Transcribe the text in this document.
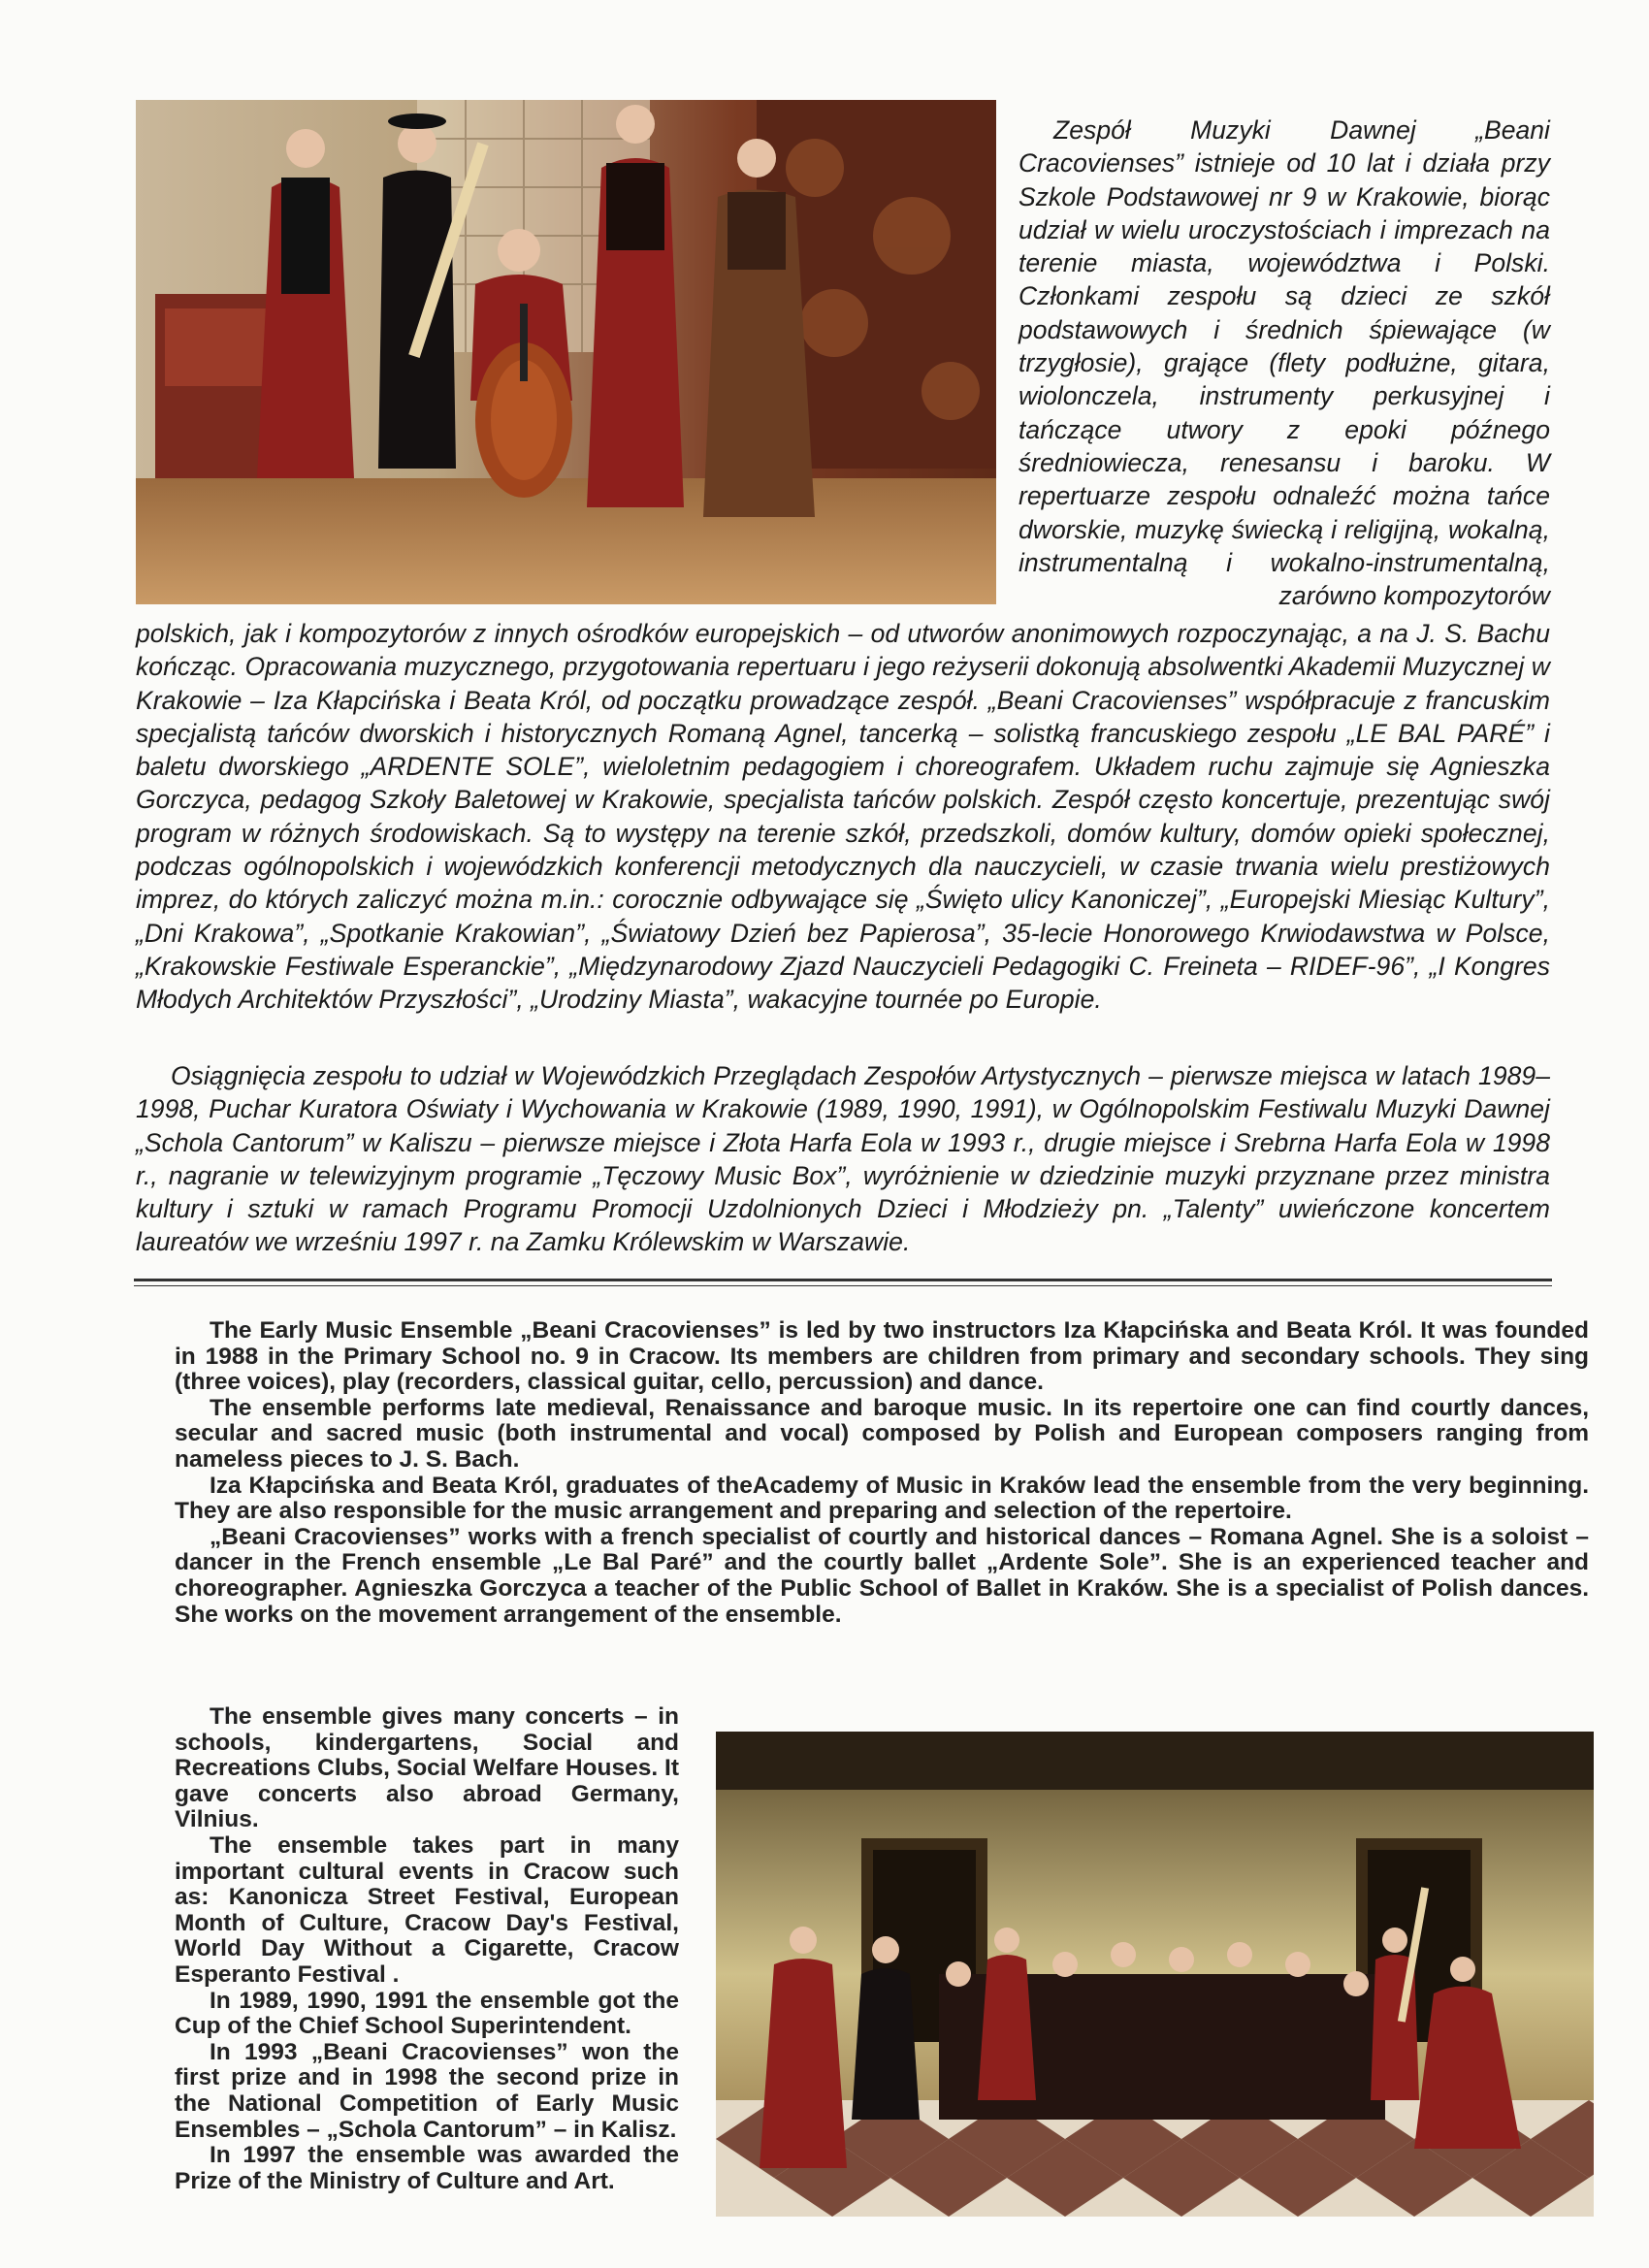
Zespół Muzyki Dawnej „Beani Cracovienses” istnieje od 10 lat i działa przy Szkole Podstawowej nr 9 w Krakowie, biorąc udział w wielu uroczystościach i imprezach na terenie miasta, województwa i Polski. Członkami zespołu są dzieci ze szkół podstawowych i średnich śpiewające (w trzygłosie), grające (flety podłużne, gitara, wiolonczela, instrumenty perkusyjnej i tańczące utwory z epoki późnego średniowiecza, renesansu i baroku. W repertuarze zespołu odnaleźć można tańce dworskie, muzykę świecką i religijną, wokalną, instrumentalną i wokalno-instrumentalną, zarówno kompozytorów

polskich, jak i kompozytorów z innych ośrodków europejskich – od utworów anonimowych rozpoczynając, a na J. S. Bachu kończąc. Opracowania muzycznego, przygotowania repertuaru i jego reżyserii dokonują absolwentki Akademii Muzycznej w Krakowie – Iza Kłapcińska i Beata Król, od początku prowadzące zespół. „Beani Cracovienses” współpracuje z francuskim specjalistą tańców dworskich i historycznych Romaną Agnel, tancerką – solistką francuskiego zespołu „LE BAL PARÉ” i baletu dworskiego „ARDENTE SOLE”, wieloletnim pedagogiem i choreografem. Układem ruchu zajmuje się Agnieszka Gorczyca, pedagog Szkoły Baletowej w Krakowie, specjalista tańców polskich. Zespół często koncertuje, prezentując swój program w różnych środowiskach. Są to występy na terenie szkół, przedszkoli, domów kultury, domów opieki społecznej, podczas ogólnopolskich i wojewódzkich konferencji metodycznych dla nauczycieli, w czasie trwania wielu prestiżowych imprez, do których zaliczyć można m.in.: corocznie odbywające się „Święto ulicy Kanoniczej”, „Europejski Miesiąc Kultury”, „Dni Krakowa”, „Spotkanie Krakowian”, „Światowy Dzień bez Papierosa”, 35-lecie Honorowego Krwiodawstwa w Polsce, „Krakowskie Festiwale Esperanckie”, „Międzynarodowy Zjazd Nauczycieli Pedagogiki C. Freineta – RIDEF-96”, „I Kongres Młodych Architektów Przyszłości”, „Urodziny Miasta”, wakacyjne tournée po Europie.

Osiągnięcia zespołu to udział w Wojewódzkich Przeglądach Zespołów Artystycznych – pierwsze miejsca w latach 1989–1998, Puchar Kuratora Oświaty i Wychowania w Krakowie (1989, 1990, 1991), w Ogólnopolskim Festiwalu Muzyki Dawnej „Schola Cantorum” w Kaliszu – pierwsze miejsce i Złota Harfa Eola w 1993 r., drugie miejsce i Srebrna Harfa Eola w 1998 r., nagranie w telewizyjnym programie „Tęczowy Music Box”, wyróżnienie w dziedzinie muzyki przyznane przez ministra kultury i sztuki w ramach Programu Promocji Uzdolnionych Dzieci i Młodzieży pn. „Talenty” uwieńczone koncertem laureatów we wrześniu 1997 r. na Zamku Królewskim w Warszawie.

The Early Music Ensemble „Beani Cracovienses” is led by two instructors Iza Kłapcińska and Beata Król. It was founded in 1988 in the Primary School no. 9 in Cracow. Its members are children from primary and secondary schools. They sing (three voices), play (recorders, classical guitar, cello, percussion) and dance.

The ensemble performs late medieval, Renaissance and baroque music. In its repertoire one can find courtly dances, secular and sacred music (both instrumental and vocal) composed by Polish and European composers ranging from nameless pieces to J. S. Bach.

Iza Kłapcińska and Beata Król, graduates of theAcademy of Music in Kraków lead the ensemble from the very beginning. They are also responsible for the music arrangement and preparing and selection of the repertoire.

„Beani Cracovienses” works with a french specialist of courtly and historical dances – Romana Agnel. She is a soloist – dancer in the French ensemble „Le Bal Paré” and the courtly ballet „Ardente Sole”. She is an experienced teacher and choreographer. Agnieszka Gorczyca a teacher of the Public School of Ballet in Kraków. She is a specialist of Polish dances. She works on the movement arrangement of the ensemble.

The ensemble gives many concerts – in schools, kindergartens, Social and Recreations Clubs, Social Welfare Houses. It gave concerts also abroad Germany, Vilnius.

The ensemble takes part in many important cultural events in Cracow such as: Kanonicza Street Festival, European Month of Culture, Cracow Day's Festival, World Day Without a Cigarette, Cracow Esperanto Festival .

In 1989, 1990, 1991 the ensemble got the Cup of the Chief School Superintendent.

In 1993 „Beani Cracovienses” won the first prize and in 1998 the second prize in the National Competition of Early Music Ensembles – „Schola Cantorum” – in Kalisz.

In 1997 the ensemble was awarded the Prize of the Ministry of Culture and Art.
